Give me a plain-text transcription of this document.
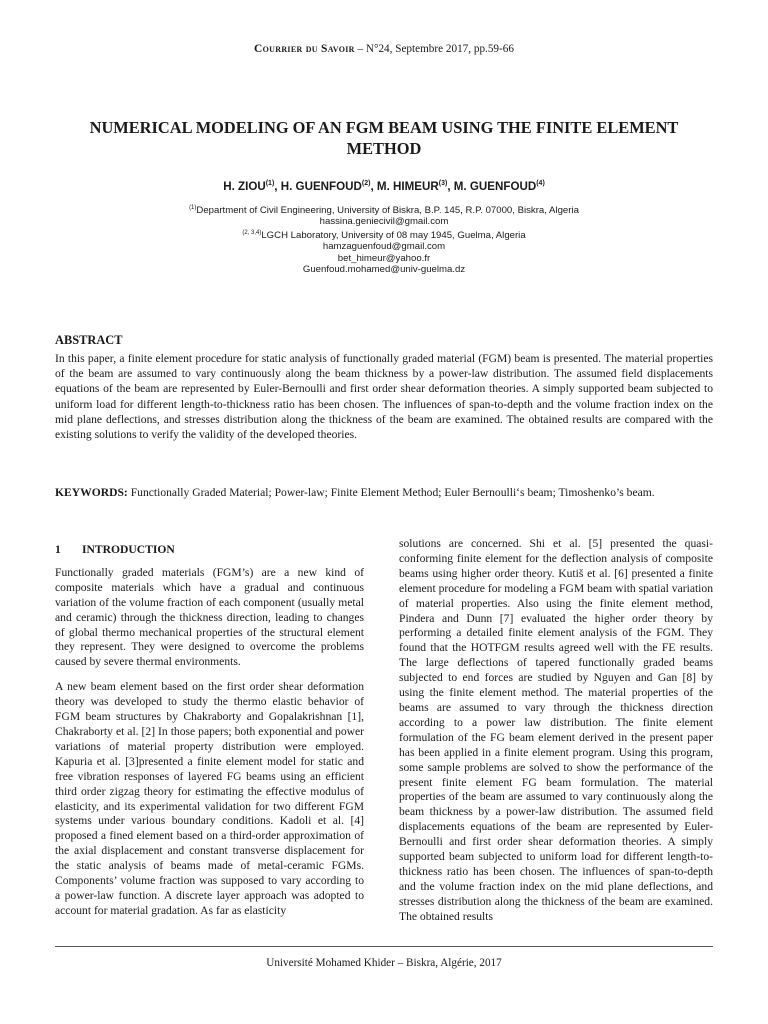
Courrier du Savoir – N°24, Septembre 2017, pp.59-66
NUMERICAL MODELING OF AN FGM BEAM USING THE FINITE ELEMENT METHOD
H. ZIOU$^{(1)}$, H. GUENFOUD$^{(2)}$, M. HIMEUR$^{(3)}$, M. GUENFOUD$^{(4)}$
$^{(1)}$Department of Civil Engineering, University of Biskra, B.P. 145, R.P. 07000, Biskra, Algeria
hassina.geniecivil@gmail.com
$^{(2, 3,4)}$LGCH Laboratory, University of 08 may 1945, Guelma, Algeria
hamzaguenfoud@gmail.com
bet_himeur@yahoo.fr
Guenfoud.mohamed@univ-guelma.dz
ABSTRACT
In this paper, a finite element procedure for static analysis of functionally graded material (FGM) beam is presented. The material properties of the beam are assumed to vary continuously along the beam thickness by a power-law distribution. The assumed field displacements equations of the beam are represented by Euler-Bernoulli and first order shear deformation theories. A simply supported beam subjected to uniform load for different length-to-thickness ratio has been chosen. The influences of span-to-depth and the volume fraction index on the mid plane deflections, and stresses distribution along the thickness of the beam are examined. The obtained results are compared with the existing solutions to verify the validity of the developed theories.
KEYWORDS: Functionally Graded Material; Power-law; Finite Element Method; Euler Bernoulli‘s beam; Timoshenko’s beam.

1 INTRODUCTION

Functionally graded materials (FGM’s) are a new kind of composite materials which have a gradual and continuous variation of the volume fraction of each component (usually metal and ceramic) through the thickness direction, leading to changes of global thermo mechanical properties of the structural element they represent. They were designed to overcome the problems caused by severe thermal environments.

A new beam element based on the first order shear deformation theory was developed to study the thermo elastic behavior of FGM beam structures by Chakraborty and Gopalakrishnan [1], Chakraborty et al. [2] In those papers; both exponential and power variations of material property distribution were employed. Kapuria et al. [3]presented a finite element model for static and free vibration responses of layered FG beams using an efficient third order zigzag theory for estimating the effective modulus of elasticity, and its experimental validation for two different FGM systems under various boundary conditions. Kadoli et al. [4] proposed a fined element based on a third-order approximation of the axial displacement and constant transverse displacement for the static analysis of beams made of metal-ceramic FGMs. Components’ volume fraction was supposed to vary according to a power-law function. A discrete layer approach was adopted to account for material gradation. As far as elasticity

solutions are concerned. Shi et al. [5] presented the quasi-conforming finite element for the deflection analysis of composite beams using higher order theory. Kutiš et al. [6] presented a finite element procedure for modeling a FGM beam with spatial variation of material properties. Also using the finite element method, Pindera and Dunn [7] evaluated the higher order theory by performing a detailed finite element analysis of the FGM. They found that the HOTFGM results agreed well with the FE results. The large deflections of tapered functionally graded beams subjected to end forces are studied by Nguyen and Gan [8] by using the finite element method. The material properties of the beams are assumed to vary through the thickness direction according to a power law distribution. The finite element formulation of the FG beam element derived in the present paper has been applied in a finite element program. Using this program, some sample problems are solved to show the performance of the present finite element FG beam formulation. The material properties of the beam are assumed to vary continuously along the beam thickness by a power-law distribution. The assumed field displacements equations of the beam are represented by Euler-Bernoulli and first order shear deformation theories. A simply supported beam subjected to uniform load for different length-to-thickness ratio has been chosen. The influences of span-to-depth and the volume fraction index on the mid plane deflections, and stresses distribution along the thickness of the beam are examined. The obtained results

Université Mohamed Khider – Biskra, Algérie, 2017
